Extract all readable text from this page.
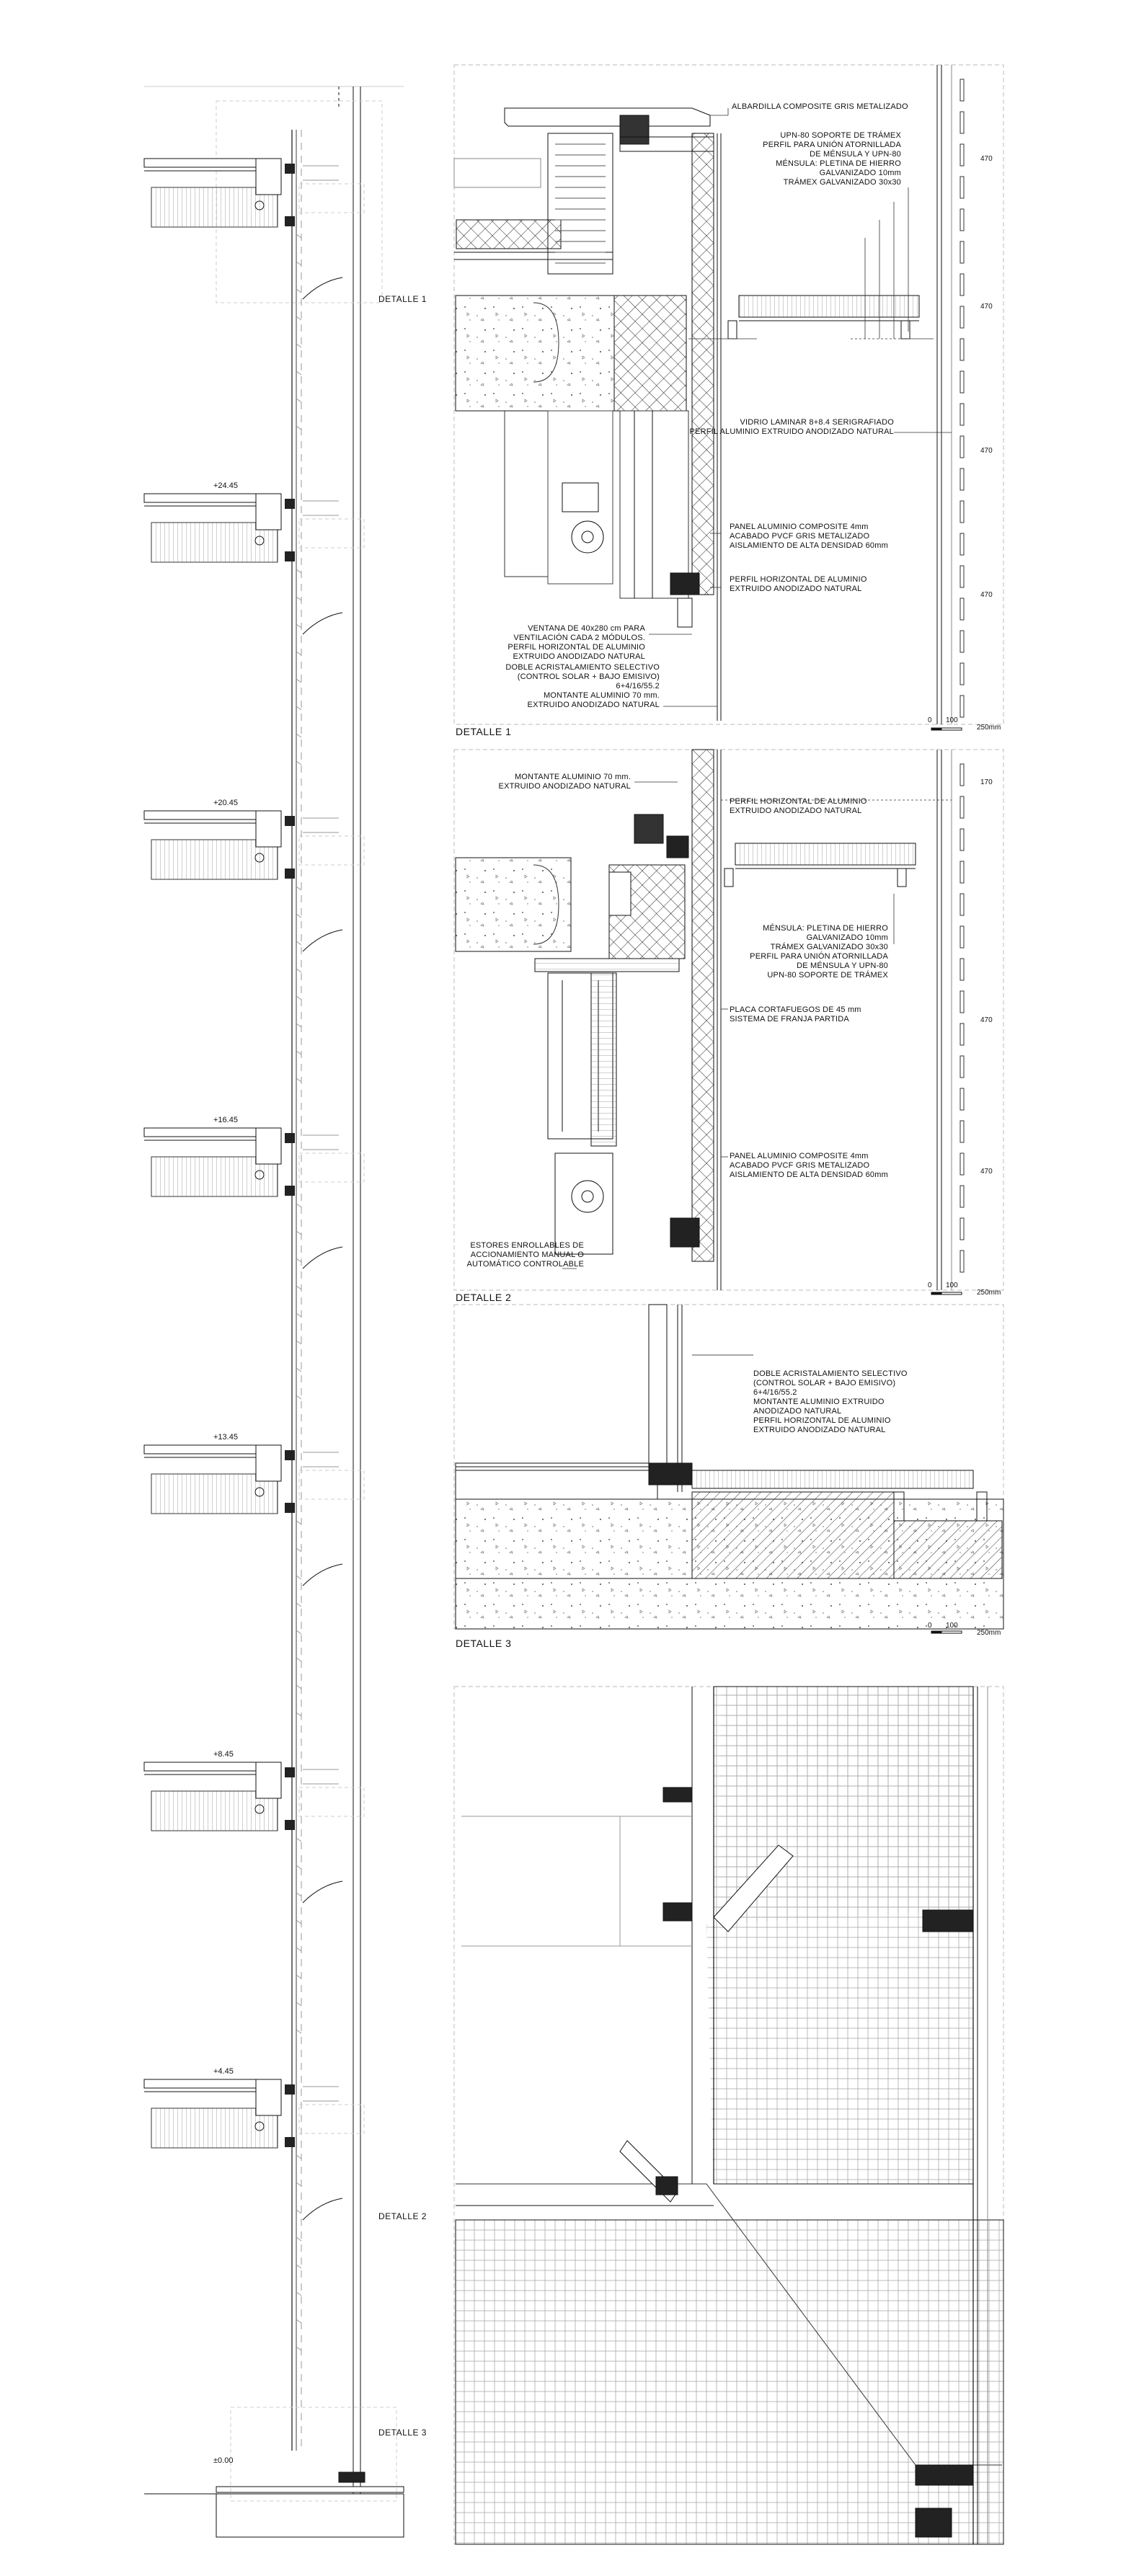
+24.45
+20.45
+16.45
+13.45
+8.45
+4.45
±0.00
DETALLE 1
DETALLE 2
DETALLE 3
ALBARDILLA COMPOSITE GRIS METALIZADO
UPN-80 SOPORTE DE TRÁMEX
PERFIL PARA UNIÓN ATORNILLADA
DE MÉNSULA Y UPN-80
MÉNSULA: PLETINA DE HIERRO
GALVANIZADO 10mm
TRÁMEX GALVANIZADO 30x30
VIDRIO LAMINAR 8+8.4 SERIGRAFIADO
PERFIL ALUMINIO EXTRUIDO ANODIZADO NATURAL
PANEL ALUMINIO COMPOSITE 4mm
ACABADO PVCF GRIS METALIZADO
AISLAMIENTO DE ALTA DENSIDAD 60mm
PERFIL HORIZONTAL DE ALUMINIO
EXTRUIDO ANODIZADO NATURAL
VENTANA DE 40x280 cm PARA
VENTILACIÓN CADA 2 MÓDULOS.
PERFIL HORIZONTAL DE ALUMINIO
EXTRUIDO ANODIZADO NATURAL
DOBLE ACRISTALAMIENTO SELECTIVO
(CONTROL SOLAR + BAJO EMISIVO)
6+4/16/55.2
MONTANTE ALUMINIO 70 mm.
EXTRUIDO ANODIZADO NATURAL
DETALLE 1
470
470
470
470
0 100
250mm
MONTANTE ALUMINIO 70 mm.
EXTRUIDO ANODIZADO NATURAL
PERFIL HORIZONTAL DE ALUMINIO
EXTRUIDO ANODIZADO NATURAL
MÉNSULA: PLETINA DE HIERRO
GALVANIZADO 10mm
TRÁMEX GALVANIZADO 30x30
PERFIL PARA UNIÓN ATORNILLADA
DE MÉNSULA Y UPN-80
UPN-80 SOPORTE DE TRÁMEX
PLACA CORTAFUEGOS DE 45 mm
SISTEMA DE FRANJA PARTIDA
PANEL ALUMINIO COMPOSITE 4mm
ACABADO PVCF GRIS METALIZADO
AISLAMIENTO DE ALTA DENSIDAD 60mm
ESTORES ENROLLABLES DE
ACCIONAMIENTO MANUAL O
AUTOMÁTICO CONTROLABLE
DETALLE 2
170
470
470
0 100
250mm
DOBLE ACRISTALAMIENTO SELECTIVO
(CONTROL SOLAR + BAJO EMISIVO)
6+4/16/55.2
MONTANTE ALUMINIO EXTRUIDO
ANODIZADO NATURAL
PERFIL HORIZONTAL DE ALUMINIO
EXTRUIDO ANODIZADO NATURAL
DETALLE 3
0 100
250mm
